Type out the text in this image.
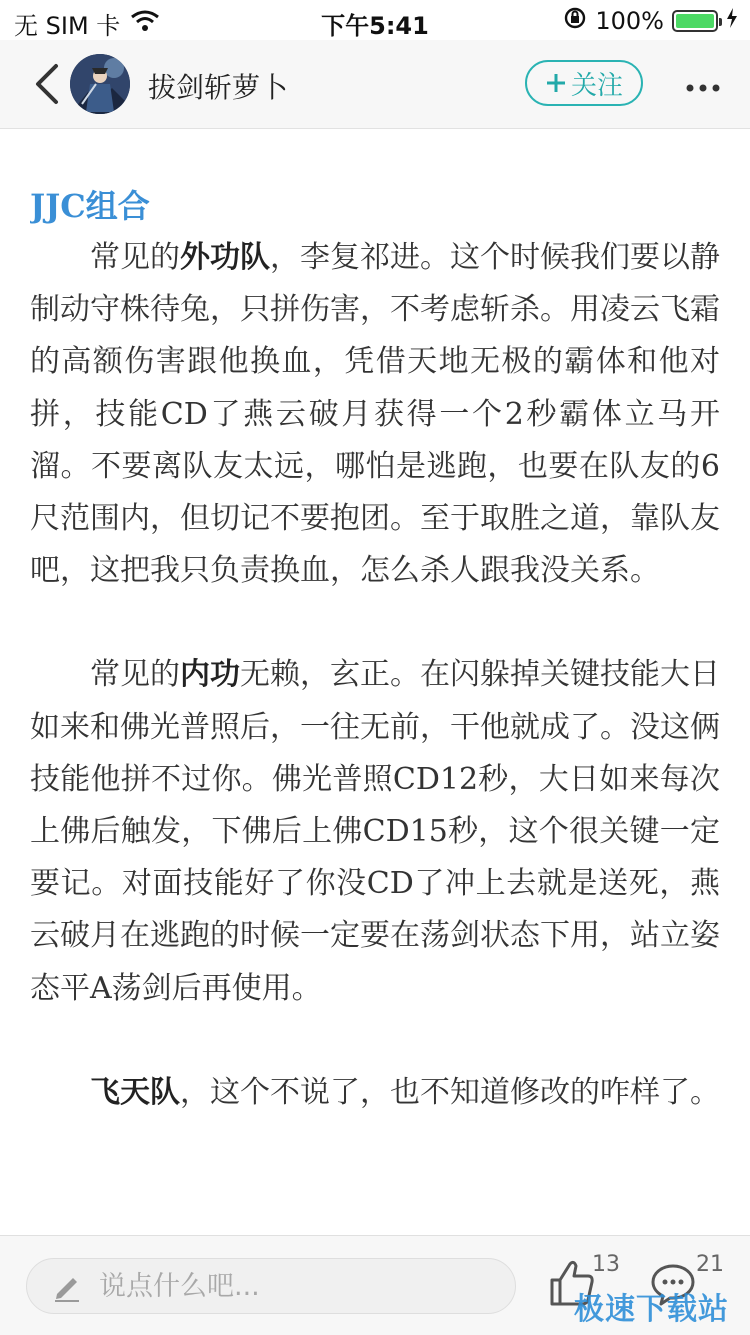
无 SIM 卡	下午5:41	100%
拔剑斩萝卜	关注
JJC组合

常见的外功队，李复祁进。这个时候我们要以静制动守株待兔，只拼伤害，不考虑斩杀。用凌云飞霜的高额伤害跟他换血，凭借天地无极的霸体和他对拼，技能CD了燕云破月获得一个2秒霸体立马开溜。不要离队友太远，哪怕是逃跑，也要在队友的6尺范围内，但切记不要抱团。至于取胜之道，靠队友吧，这把我只负责换血，怎么杀人跟我没关系。

常见的内功无赖，玄正。在闪躲掉关键技能大日如来和佛光普照后，一往无前，干他就成了。没这俩技能他拼不过你。佛光普照CD12秒，大日如来每次上佛后触发，下佛后上佛CD15秒，这个很关键一定要记。对面技能好了你没CD了冲上去就是送死，燕云破月在逃跑的时候一定要在荡剑状态下用，站立姿态平A荡剑后再使用。

飞天队，这个不说了，也不知道修改的咋样了。

说点什么吧...
13	21
极速下载站
